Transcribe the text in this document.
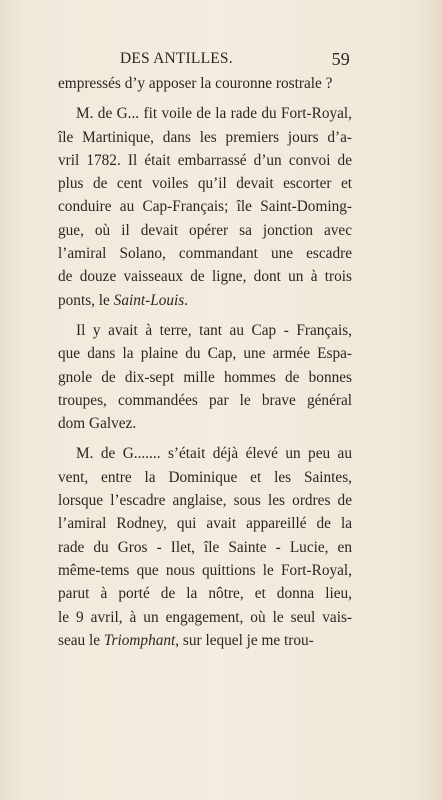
DES ANTILLES.	59
empressés d’y apposer la couronne rostrale ?
M. de G... fit voile de la rade du Fort-Royal,
île Martinique, dans les premiers jours d’a-
vril 1782. Il était embarrassé d’un convoi de
plus de cent voiles qu’il devait escorter et
conduire au Cap-Français; île Saint-Doming-
gue, où il devait opérer sa jonction avec
l’amiral Solano, commandant une escadre
de douze vaisseaux de ligne, dont un à trois
ponts, le Saint-Louis.
Il y avait à terre, tant au Cap - Français,
que dans la plaine du Cap, une armée Espa-
gnole de dix-sept mille hommes de bonnes
troupes, commandées par le brave général
dom Galvez.
M. de G....... s’était déjà élevé un peu au
vent, entre la Dominique et les Saintes,
lorsque l’escadre anglaise, sous les ordres de
l’amiral Rodney, qui avait appareillé de la
rade du Gros - Ilet, île Sainte - Lucie, en
même-tems que nous quittions le Fort-Royal,
parut à porté de la nôtre, et donna lieu,
le 9 avril, à un engagement, où le seul vais-
seau le Triomphant, sur lequel je me trou-
